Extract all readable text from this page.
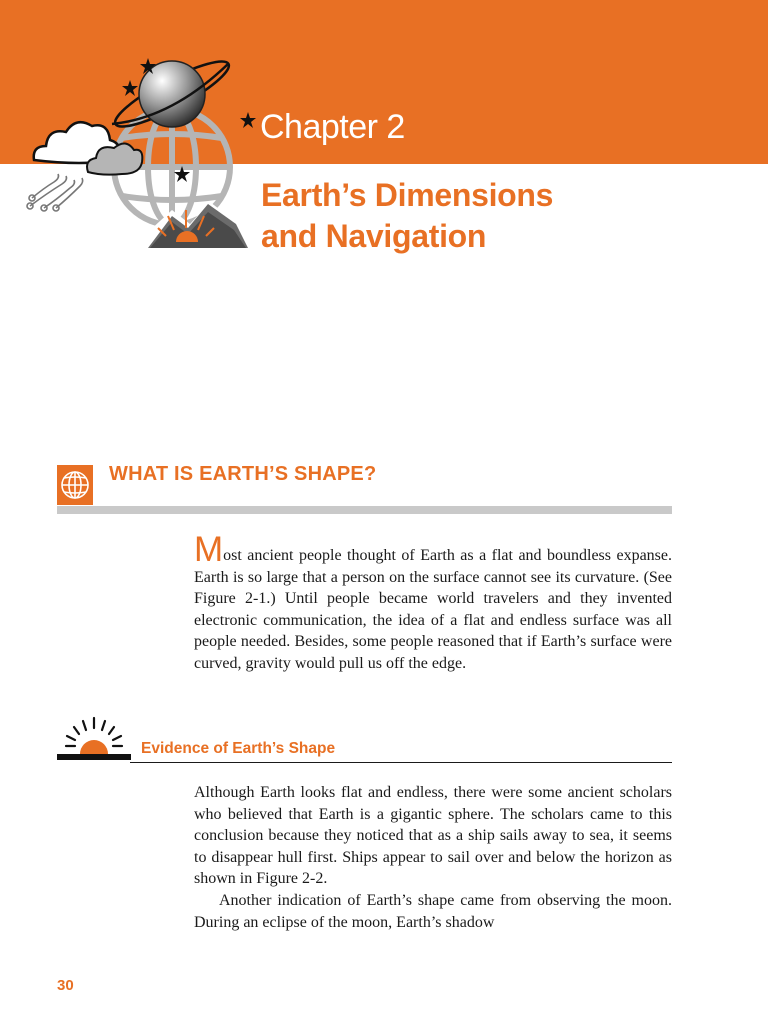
Chapter 2
Earth’s Dimensions
and Navigation
WHAT IS EARTH’S SHAPE?
Most ancient people thought of Earth as a flat and boundless expanse. Earth is so large that a person on the surface cannot see its curvature. (See Figure 2-1.) Until people became world travelers and they invented electronic communication, the idea of a flat and endless surface was all people needed. Besides, some people reasoned that if Earth’s surface were curved, gravity would pull us off the edge.
Evidence of Earth’s Shape

Although Earth looks flat and endless, there were some ancient scholars who believed that Earth is a gigantic sphere. The scholars came to this conclusion because they noticed that as a ship sails away to sea, it seems to disappear hull first. Ships appear to sail over and below the horizon as shown in Figure 2-2.

Another indication of Earth’s shape came from observing the moon. During an eclipse of the moon, Earth’s shadow

30
